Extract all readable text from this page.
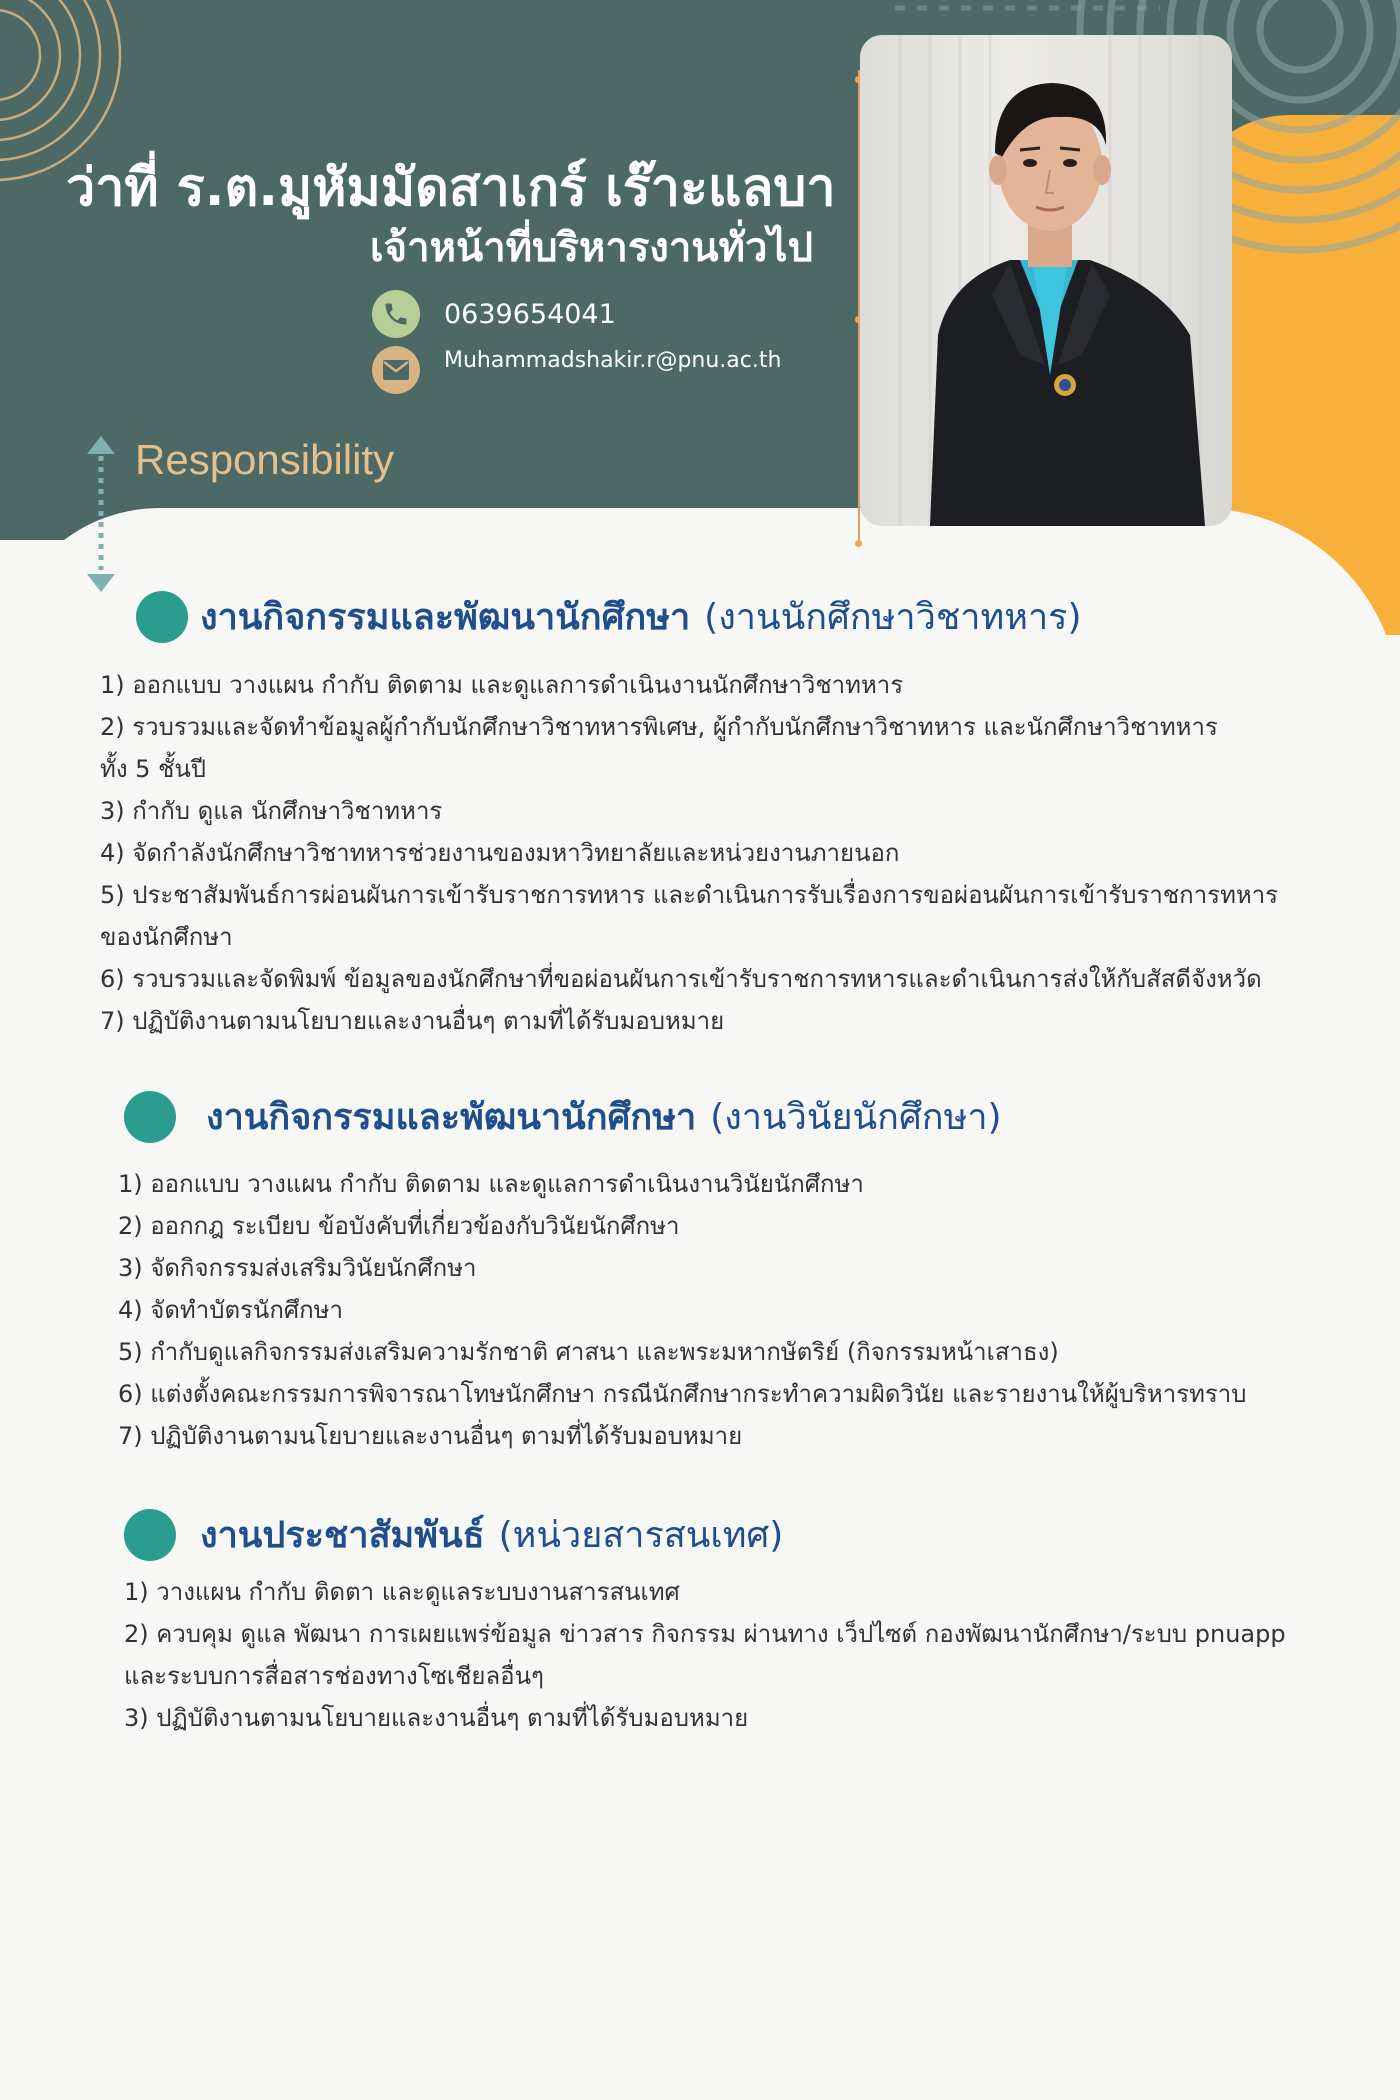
ว่าที่ ร.ต.มูหัมมัดสาเกร์ เร๊าะแลบา
เจ้าหน้าที่บริหารงานทั่วไป
0639654041
Muhammadshakir.r@pnu.ac.th
Responsibility
งานกิจกรรมและพัฒนานักศึกษา (งานนักศึกษาวิชาทหาร)
1) ออกแบบ วางแผน กำกับ ติดตาม และดูแลการดำเนินงานนักศึกษาวิชาทหาร
2) รวบรวมและจัดทำข้อมูลผู้กำกับนักศึกษาวิชาทหารพิเศษ, ผู้กำกับนักศึกษาวิชาทหาร และนักศึกษาวิชาทหาร
ทั้ง 5 ชั้นปี
3) กำกับ ดูแล นักศึกษาวิชาทหาร
4) จัดกำลังนักศึกษาวิชาทหารช่วยงานของมหาวิทยาลัยและหน่วยงานภายนอก
5) ประชาสัมพันธ์การผ่อนผันการเข้ารับราชการทหาร และดำเนินการรับเรื่องการขอผ่อนผันการเข้ารับราชการทหาร
ของนักศึกษา
6) รวบรวมและจัดพิมพ์ ข้อมูลของนักศึกษาที่ขอผ่อนผันการเข้ารับราชการทหารและดำเนินการส่งให้กับสัสดีจังหวัด
7) ปฏิบัติงานตามนโยบายและงานอื่นๆ ตามที่ได้รับมอบหมาย
งานกิจกรรมและพัฒนานักศึกษา (งานวินัยนักศึกษา)
1) ออกแบบ วางแผน กำกับ ติดตาม และดูแลการดำเนินงานวินัยนักศึกษา
2) ออกกฎ ระเบียบ ข้อบังคับที่เกี่ยวข้องกับวินัยนักศึกษา
3) จัดกิจกรรมส่งเสริมวินัยนักศึกษา
4) จัดทำบัตรนักศึกษา
5) กำกับดูแลกิจกรรมส่งเสริมความรักชาติ ศาสนา และพระมหากษัตริย์ (กิจกรรมหน้าเสาธง)
6) แต่งตั้งคณะกรรมการพิจารณาโทษนักศึกษา กรณีนักศึกษากระทำความผิดวินัย และรายงานให้ผู้บริหารทราบ
7) ปฏิบัติงานตามนโยบายและงานอื่นๆ ตามที่ได้รับมอบหมาย
งานประชาสัมพันธ์ (หน่วยสารสนเทศ)
1) วางแผน กำกับ ติดตา และดูแลระบบงานสารสนเทศ
2) ควบคุม ดูแล พัฒนา การเผยแพร่ข้อมูล ข่าวสาร กิจกรรม ผ่านทาง เว็ปไซต์ กองพัฒนานักศึกษา/ระบบ pnuapp
และระบบการสื่อสารช่องทางโซเชียลอื่นๆ
3) ปฏิบัติงานตามนโยบายและงานอื่นๆ ตามที่ได้รับมอบหมาย
